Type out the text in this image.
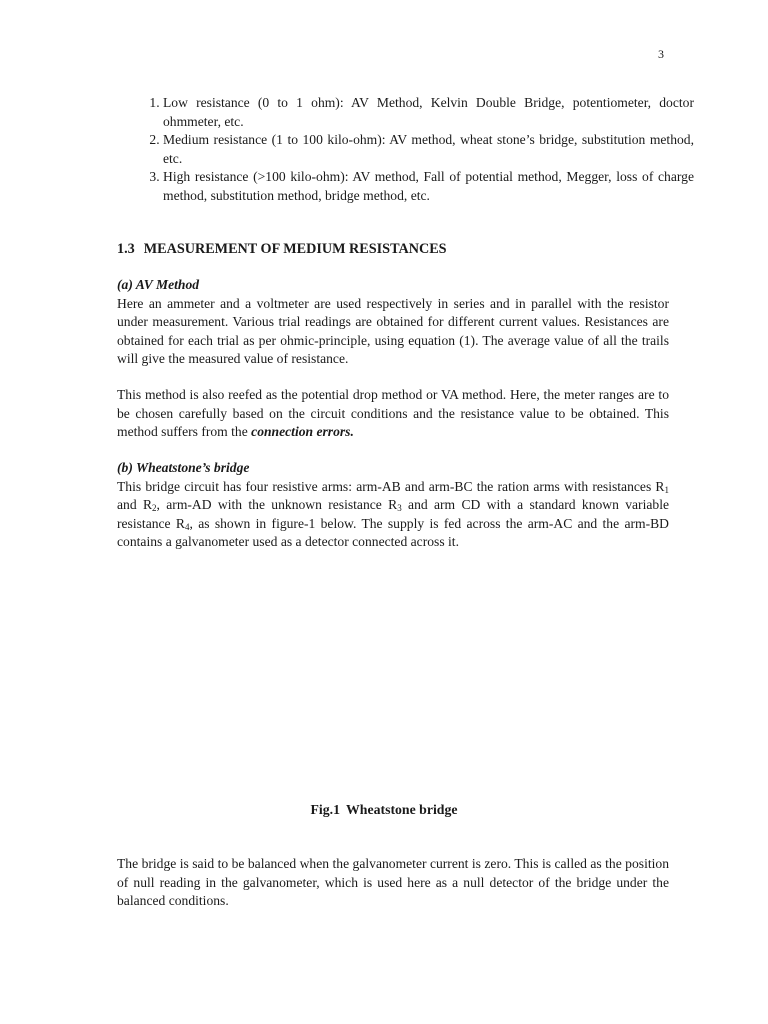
3
1. Low resistance (0 to 1 ohm): AV Method, Kelvin Double Bridge, potentiometer, doctor ohmmeter, etc.
2. Medium resistance (1 to 100 kilo-ohm): AV method, wheat stone’s bridge, substitution method, etc.
3. High resistance (>100 kilo-ohm): AV method, Fall of potential method, Megger, loss of charge method, substitution method, bridge method, etc.
1.3 MEASUREMENT OF MEDIUM RESISTANCES
(a) AV Method
Here an ammeter and a voltmeter are used respectively in series and in parallel with the resistor under measurement. Various trial readings are obtained for different current values. Resistances are obtained for each trial as per ohmic-principle, using equation (1). The average value of all the trails will give the measured value of resistance.
This method is also reefed as the potential drop method or VA method. Here, the meter ranges are to be chosen carefully based on the circuit conditions and the resistance value to be obtained. This method suffers from the connection errors.
(b) Wheatstone’s bridge
This bridge circuit has four resistive arms: arm-AB and arm-BC the ration arms with resistances $R_1$ and $R_2$, arm-AD with the unknown resistance $R_3$ and arm CD with a standard known variable resistance $R_4$, as shown in figure-1 below. The supply is fed across the arm-AC and the arm-BD contains a galvanometer used as a detector connected across it.
Fig.1 Wheatstone bridge
The bridge is said to be balanced when the galvanometer current is zero. This is called as the position of null reading in the galvanometer, which is used here as a null detector of the bridge under the balanced conditions.
